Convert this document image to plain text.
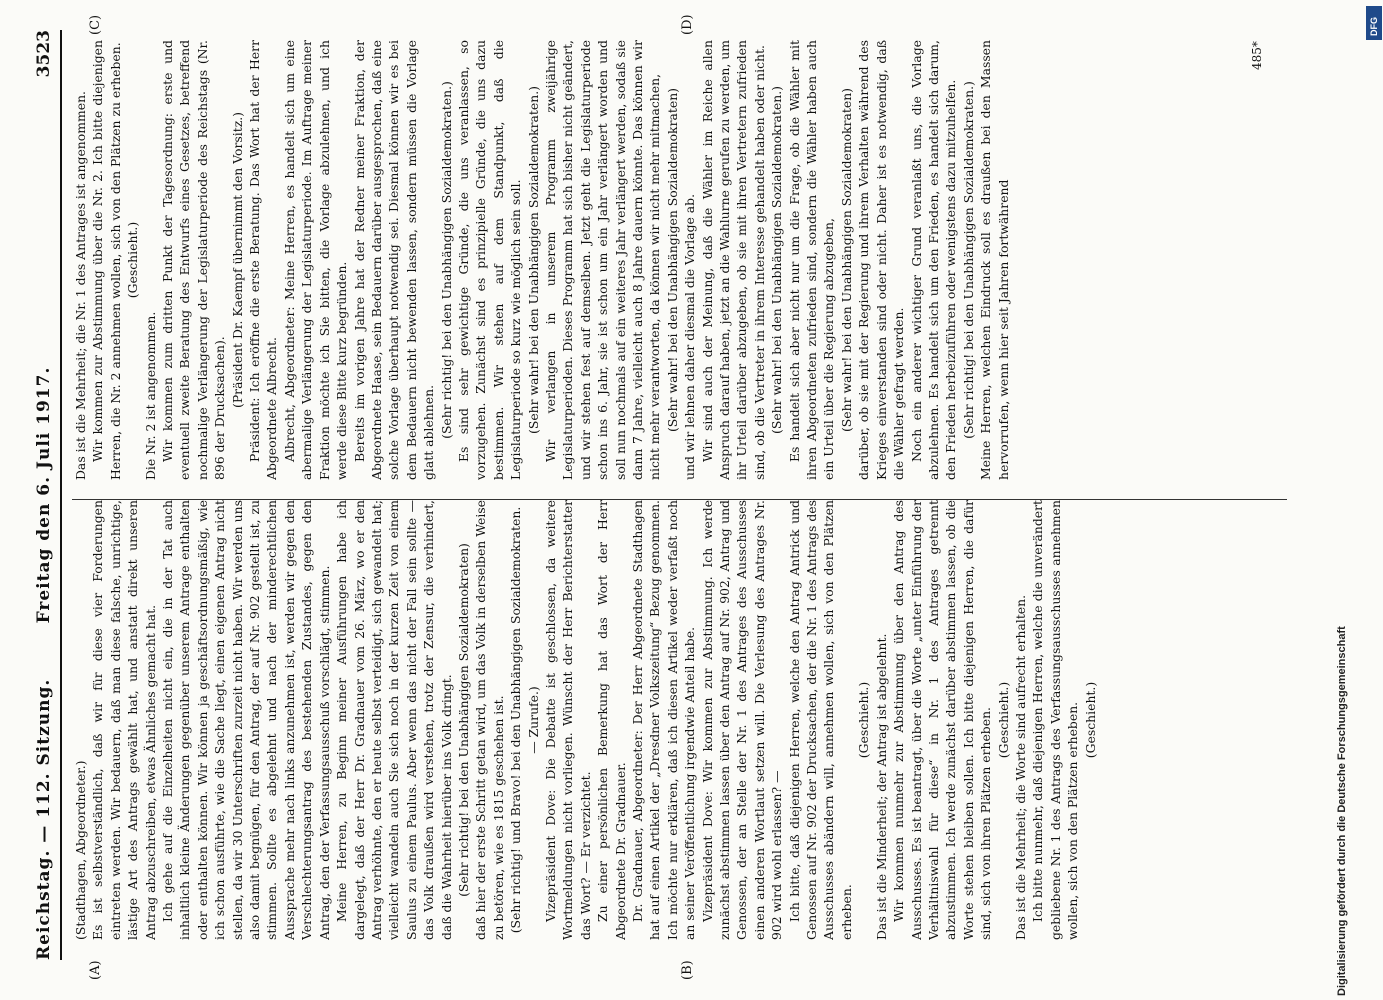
Reichstag. — 112. Sitzung.
Freitag den 6. Juli 1917.
3523
(A)	(B)
(C)	(D)

(Stadthagen, Abgeordneter.) Es ist selbstverständlich, daß wir für diese vier Forderungen eintreten werden. Wir bedauern, daß man diese falsche, unrichtige, lästige Art des Antrags gewählt hat, und anstatt direkt unseren Antrag abzuschreiben, etwas Ähnliches gemacht hat. Ich gehe auf die Einzelheiten nicht ein, die in der Tat auch inhaltlich kleine Änderungen gegenüber unserem Antrage enthalten oder enthalten können. Wir können ja geschäftsordnungsmäßig, wie ich schon ausführte, wie die Sache liegt, einen eigenen Antrag nicht stellen, da wir 30 Unterschriften zurzeit nicht haben. Wir werden uns also damit begnügen, für den Antrag, der auf Nr. 902 gestellt ist, zu stimmen. Sollte es abgelehnt und nach der minderechtlichen Aussprache mehr nach links anzunehmen ist, werden wir gegen den Verschlechterungsantrag des bestehenden Zustandes, gegen den Antrag, den der Verfassungsausschuß vorschlägt, stimmen. Meine Herren, zu Beginn meiner Ausführungen habe ich dargelegt, daß der Herr Dr. Gradnauer vom 26. März, wo er den Antrag verhöhnte, den er heute selbst verteidigt, sich gewandelt hat; vielleicht wandeln auch Sie sich noch in der kurzen Zeit von einem Saulus zu einem Paulus. Aber wenn das nicht der Fall sein sollte — das Volk draußen wird verstehen, trotz der Zensur, die verhindert, daß die Wahrheit hierüber ins Volk dringt. (Sehr richtig! bei den Unabhängigen Sozialdemokraten) daß hier der erste Schritt getan wird, um das Volk in derselben Weise zu betören, wie es 1815 geschehen ist. (Sehr richtig! und Bravo! bei den Unabhängigen Sozialdemokraten. — Zurufe.) Vizepräsident Dove: Die Debatte ist geschlossen, da weitere Wortmeldungen nicht vorliegen. Wünscht der Herr Berichterstatter das Wort? — Er verzichtet. Zu einer persönlichen Bemerkung hat das Wort der Herr Abgeordnete Dr. Gradnauer. Dr. Gradnauer, Abgeordneter: Der Herr Abgeordnete Stadthagen hat auf einen Artikel der „Dresdner Volkszeitung“ Bezug genommen. Ich möchte nur erklären, daß ich diesen Artikel weder verfaßt noch an seiner Veröffentlichung irgendwie Anteil habe. Vizepräsident Dove: Wir kommen zur Abstimmung. Ich werde zunächst abstimmen lassen über den Antrag auf Nr. 902, Antrag und Genossen, der an Stelle der Nr. 1 des Antrages des Ausschusses einen anderen Wortlaut setzen will. Die Verlesung des Antrages Nr. 902 wird wohl erlassen? — Ich bitte, daß diejenigen Herren, welche den Antrag Antrick und Genossen auf Nr. 902 der Drucksachen, der die Nr. 1 des Antrags des Ausschusses abändern will, annehmen wollen, sich von den Plätzen erheben.

(Geschieht.) Das ist die Minderheit; der Antrag ist abgelehnt. Wir kommen nunmehr zur Abstimmung über den Antrag des Ausschusses. Es ist beantragt, über die Worte „unter Einführung der Verhältniswahl für diese“ in Nr. 1 des Antrages getrennt abzustimmen. Ich werde zunächst darüber abstimmen lassen, ob die Worte stehen bleiben sollen. Ich bitte diejenigen Herren, die dafür sind, sich von ihren Plätzen erheben. (Geschieht.) Das ist die Mehrheit; die Worte sind aufrecht erhalten. Ich bitte nunmehr, daß diejenigen Herren, welche die unverändert gebliebene Nr. 1 des Antrags des Verfassungsausschusses annehmen wollen, sich von den Plätzen erheben. (Geschieht.)

Das ist die Mehrheit; die Nr. 1 des Antrages ist angenommen. Wir kommen zur Abstimmung über die Nr. 2. Ich bitte diejenigen Herren, die Nr. 2 annehmen wollen, sich von den Plätzen zu erheben. (Geschieht.)

Die Nr. 2 ist angenommen. Wir kommen zum dritten Punkt der Tagesordnung: erste und eventuell zweite Beratung des Entwurfs eines Gesetzes, betreffend nochmalige Verlängerung der Legislaturperiode des Reichstags (Nr. 896 der Drucksachen).

(Präsident Dr. Kaempf übernimmt den Vorsitz.) Präsident: Ich eröffne die erste Beratung. Das Wort hat der Herr Abgeordnete Albrecht. Albrecht, Abgeordneter: Meine Herren, es handelt sich um eine abermalige Verlängerung der Legislaturperiode. Im Auftrage meiner Fraktion möchte ich Sie bitten, die Vorlage abzulehnen, und ich werde diese Bitte kurz begründen. Bereits im vorigen Jahre hat der Redner meiner Fraktion, der Abgeordnete Haase, sein Bedauern darüber ausgesprochen, daß eine solche Vorlage überhaupt notwendig sei. Diesmal können wir es bei dem Bedauern nicht bewenden lassen, sondern müssen die Vorlage glatt ablehnen. (Sehr richtig! bei den Unabhängigen Sozialdemokraten.) Es sind sehr gewichtige Gründe, die uns veranlassen, so vorzugehen. Zunächst sind es prinzipielle Gründe, die uns dazu bestimmen. Wir stehen auf dem Standpunkt, daß die Legislaturperiode so kurz wie möglich sein soll. (Sehr wahr! bei den Unabhängigen Sozialdemokraten.) Wir verlangen in unserem Programm zweijährige Legislaturperioden. Dieses Programm hat sich bisher nicht geändert, und wir stehen fest auf demselben. Jetzt geht die Legislaturperiode schon ins 6. Jahr, sie ist schon um ein Jahr verlängert worden und soll nun nochmals auf ein weiteres Jahr verlängert werden, sodaß sie dann 7 Jahre, vielleicht auch 8 Jahre dauern könnte. Das können wir nicht mehr verantworten, da können wir nicht mehr mitmachen, (Sehr wahr! bei den Unabhängigen Sozialdemokraten) und wir lehnen daher diesmal die Vorlage ab. Wir sind auch der Meinung, daß die Wähler im Reiche allen Anspruch darauf haben, jetzt an die Wahlurne gerufen zu werden, um ihr Urteil darüber abzugeben, ob sie mit ihren Vertretern zufrieden sind, ob die Vertreter in ihrem Interesse gehandelt haben oder nicht. (Sehr wahr! bei den Unabhängigen Sozialdemokraten.) Es handelt sich aber nicht nur um die Frage, ob die Wähler mit ihren Abgeordneten zufrieden sind, sondern die Wähler haben auch ein Urteil über die Regierung abzugeben, (Sehr wahr! bei den Unabhängigen Sozialdemokraten) darüber, ob sie mit der Regierung und ihrem Verhalten während des Krieges einverstanden sind oder nicht. Daher ist es notwendig, daß die Wähler gefragt werden. Noch ein anderer wichtiger Grund veranlaßt uns, die Vorlage abzulehnen. Es handelt sich um den Frieden, es handelt sich darum, den Frieden herbeizuführen oder wenigstens dazu mitzuhelfen. (Sehr richtig! bei den Unabhängigen Sozialdemokraten.) Meine Herren, welchen Eindruck soll es draußen bei den Massen hervorrufen, wenn hier seit Jahren fortwährend

485*
Digitalisierung gefördert durch die Deutsche Forschungsgemeinschaft
DFG
